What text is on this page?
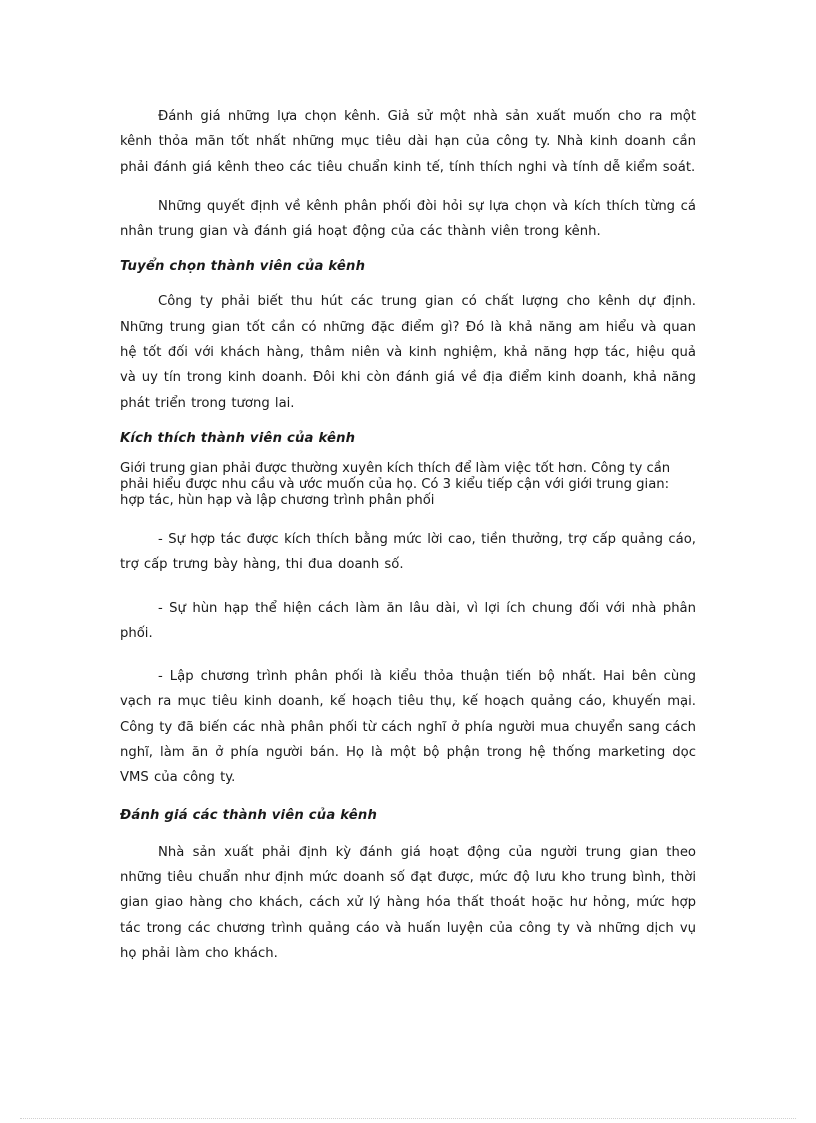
Đánh giá những lựa chọn kênh. Giả sử một nhà sản xuất muốn cho ra một kênh thỏa mãn tốt nhất những mục tiêu dài hạn của công ty. Nhà kinh doanh cần phải đánh giá kênh theo các tiêu chuẩn kinh tế, tính thích nghi và tính dễ kiểm soát.

Những quyết định về kênh phân phối đòi hỏi sự lựa chọn và kích thích từng cá nhân trung gian và đánh giá hoạt động của các thành viên trong kênh.

Tuyển chọn thành viên của kênh

Công ty phải biết thu hút các trung gian có chất lượng cho kênh dự định. Những trung gian tốt cần có những đặc điểm gì? Đó là khả năng am hiểu và quan hệ tốt đối với khách hàng, thâm niên và kinh nghiệm, khả năng hợp tác, hiệu quả và uy tín trong kinh doanh. Đôi khi còn đánh giá về địa điểm kinh doanh, khả năng phát triển trong tương lai.

Kích thích thành viên của kênh

Giới trung gian phải được thường xuyên kích thích để làm việc tốt hơn. Công ty cần

phải hiểu được nhu cầu và ước muốn của họ. Có 3 kiểu tiếp cận với giới trung gian:

hợp tác, hùn hạp và lập chương trình phân phối

- Sự hợp tác được kích thích bằng mức lời cao, tiền thưởng, trợ cấp quảng cáo, trợ cấp trưng bày hàng, thi đua doanh số.

- Sự hùn hạp thể hiện cách làm ăn lâu dài, vì lợi ích chung đối với nhà phân phối.

- Lập chương trình phân phối là kiểu thỏa thuận tiến bộ nhất. Hai bên cùng vạch ra mục tiêu kinh doanh, kế hoạch tiêu thụ, kế hoạch quảng cáo, khuyến mại. Công ty đã biến các nhà phân phối từ cách nghĩ ở phía người mua chuyển sang cách nghĩ, làm ăn ở phía người bán. Họ là một bộ phận trong hệ thống marketing dọc VMS của công ty.

Đánh giá các thành viên của kênh

Nhà sản xuất phải định kỳ đánh giá hoạt động của người trung gian theo những tiêu chuẩn như định mức doanh số đạt được, mức độ lưu kho trung bình, thời gian giao hàng cho khách, cách xử lý hàng hóa thất thoát hoặc hư hỏng, mức hợp tác trong các chương trình quảng cáo và huấn luyện của công ty và những dịch vụ họ phải làm cho khách.
